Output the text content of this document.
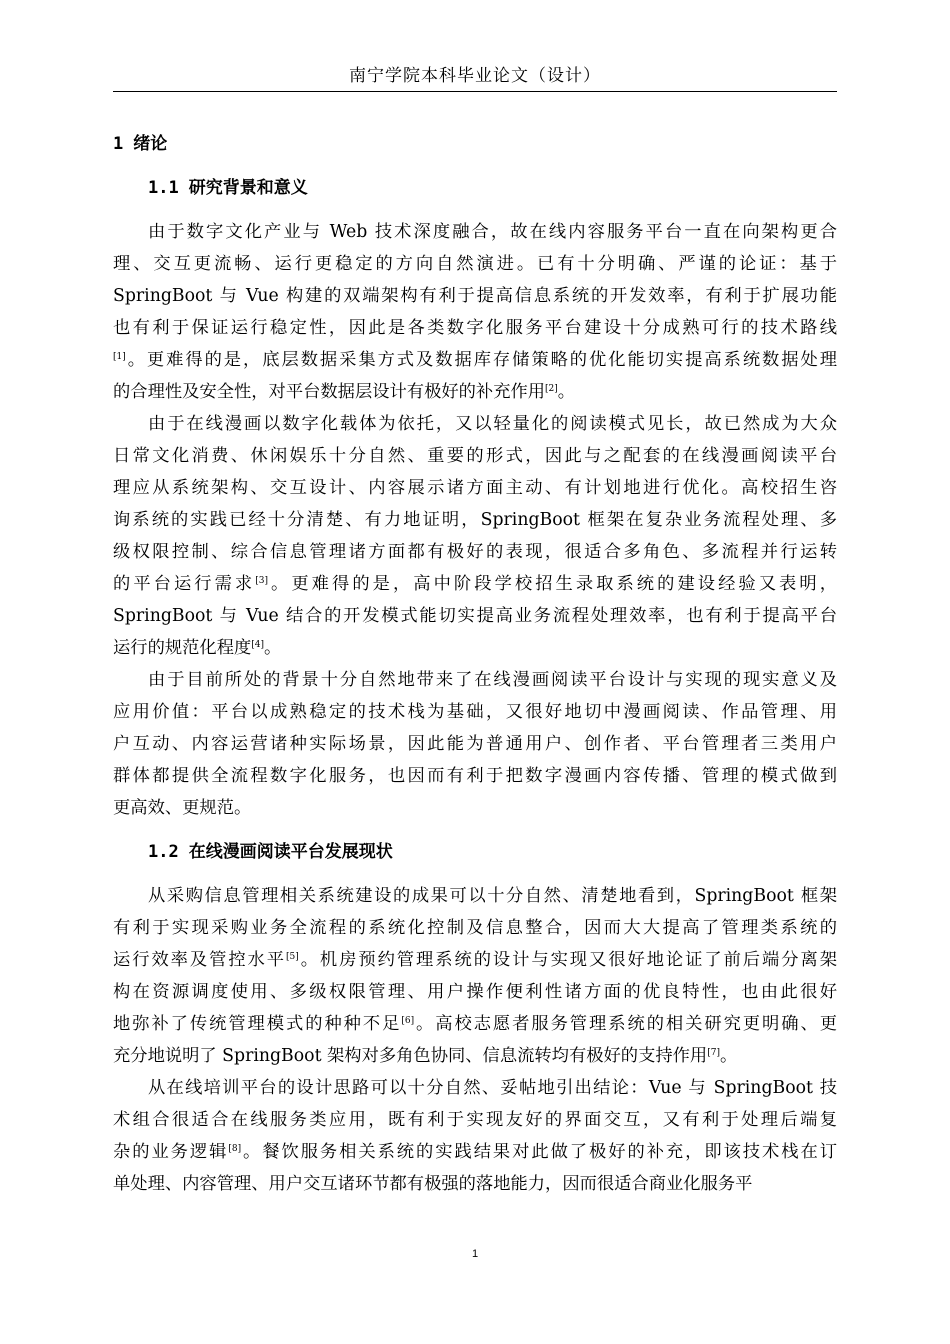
南宁学院本科毕业论文（设计）
1 绪论
1.1 研究背景和意义
由于数字文化产业与 Web 技术深度融合，故在线内容服务平台一直在向架构更合
理、交互更流畅、运行更稳定的方向自然演进。已有十分明确、严谨的论证：基于
SpringBoot 与 Vue 构建的双端架构有利于提高信息系统的开发效率，有利于扩展功能
也有利于保证运行稳定性，因此是各类数字化服务平台建设十分成熟可行的技术路线
[1]。更难得的是，底层数据采集方式及数据库存储策略的优化能切实提高系统数据处理
的合理性及安全性，对平台数据层设计有极好的补充作用[2]。
由于在线漫画以数字化载体为依托，又以轻量化的阅读模式见长，故已然成为大众
日常文化消费、休闲娱乐十分自然、重要的形式，因此与之配套的在线漫画阅读平台
理应从系统架构、交互设计、内容展示诸方面主动、有计划地进行优化。高校招生咨
询系统的实践已经十分清楚、有力地证明，SpringBoot 框架在复杂业务流程处理、多
级权限控制、综合信息管理诸方面都有极好的表现，很适合多角色、多流程并行运转
的平台运行需求[3]。更难得的是，高中阶段学校招生录取系统的建设经验又表明，
SpringBoot 与 Vue 结合的开发模式能切实提高业务流程处理效率，也有利于提高平台
运行的规范化程度[4]。
由于目前所处的背景十分自然地带来了在线漫画阅读平台设计与实现的现实意义及
应用价值：平台以成熟稳定的技术栈为基础，又很好地切中漫画阅读、作品管理、用
户互动、内容运营诸种实际场景，因此能为普通用户、创作者、平台管理者三类用户
群体都提供全流程数字化服务，也因而有利于把数字漫画内容传播、管理的模式做到
更高效、更规范。
1.2 在线漫画阅读平台发展现状
从采购信息管理相关系统建设的成果可以十分自然、清楚地看到，SpringBoot 框架
有利于实现采购业务全流程的系统化控制及信息整合，因而大大提高了管理类系统的
运行效率及管控水平[5]。机房预约管理系统的设计与实现又很好地论证了前后端分离架
构在资源调度使用、多级权限管理、用户操作便利性诸方面的优良特性，也由此很好
地弥补了传统管理模式的种种不足[6]。高校志愿者服务管理系统的相关研究更明确、更
充分地说明了 SpringBoot 架构对多角色协同、信息流转均有极好的支持作用[7]。
从在线培训平台的设计思路可以十分自然、妥帖地引出结论：Vue 与 SpringBoot 技
术组合很适合在线服务类应用，既有利于实现友好的界面交互，又有利于处理后端复
杂的业务逻辑[8]。餐饮服务相关系统的实践结果对此做了极好的补充，即该技术栈在订
单处理、内容管理、用户交互诸环节都有极强的落地能力，因而很适合商业化服务平
1
